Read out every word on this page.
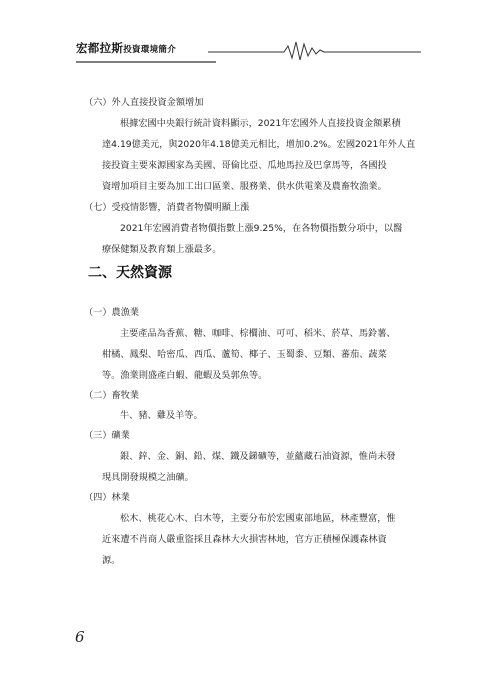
宏都拉斯投資環境簡介
（六）外人直接投資金額增加
根據宏國中央銀行統計資料顯示，2021年宏國外人直接投資金額累積
達4.19億美元，與2020年4.18億美元相比，增加0.2%。宏國2021年外人直
接投資主要來源國家為美國、哥倫比亞、瓜地馬拉及巴拿馬等，各國投
資增加項目主要為加工出口區業、服務業、供水供電業及農畜牧漁業。
（七）受疫情影響，消費者物價明顯上漲
2021年宏國消費者物價指數上漲9.25%，在各物價指數分項中，以醫
療保健類及教育類上漲最多。
二、天然資源
（一）農漁業
主要產品為香蕉、糖、咖啡、棕櫚油、可可、稻米、菸草、馬鈴薯、
柑橘、鳳梨、哈密瓜、西瓜、蘆筍、椰子、玉蜀黍、豆類、蕃茄、蔬菜
等。漁業則盛產白蝦、龍蝦及吳郭魚等。
（二）畜牧業
牛、豬、雞及羊等。
（三）礦業
銀、鋅、金、銅、鉛、煤、鐵及銻礦等，並蘊藏石油資源，惟尚未發
現具開發規模之油礦。
（四）林業
松木、桃花心木、白木等，主要分布於宏國東部地區，林產豐富，惟
近來遭不肖商人嚴重盜採且森林大火損害林地，官方正積極保護森林資
源。
6
